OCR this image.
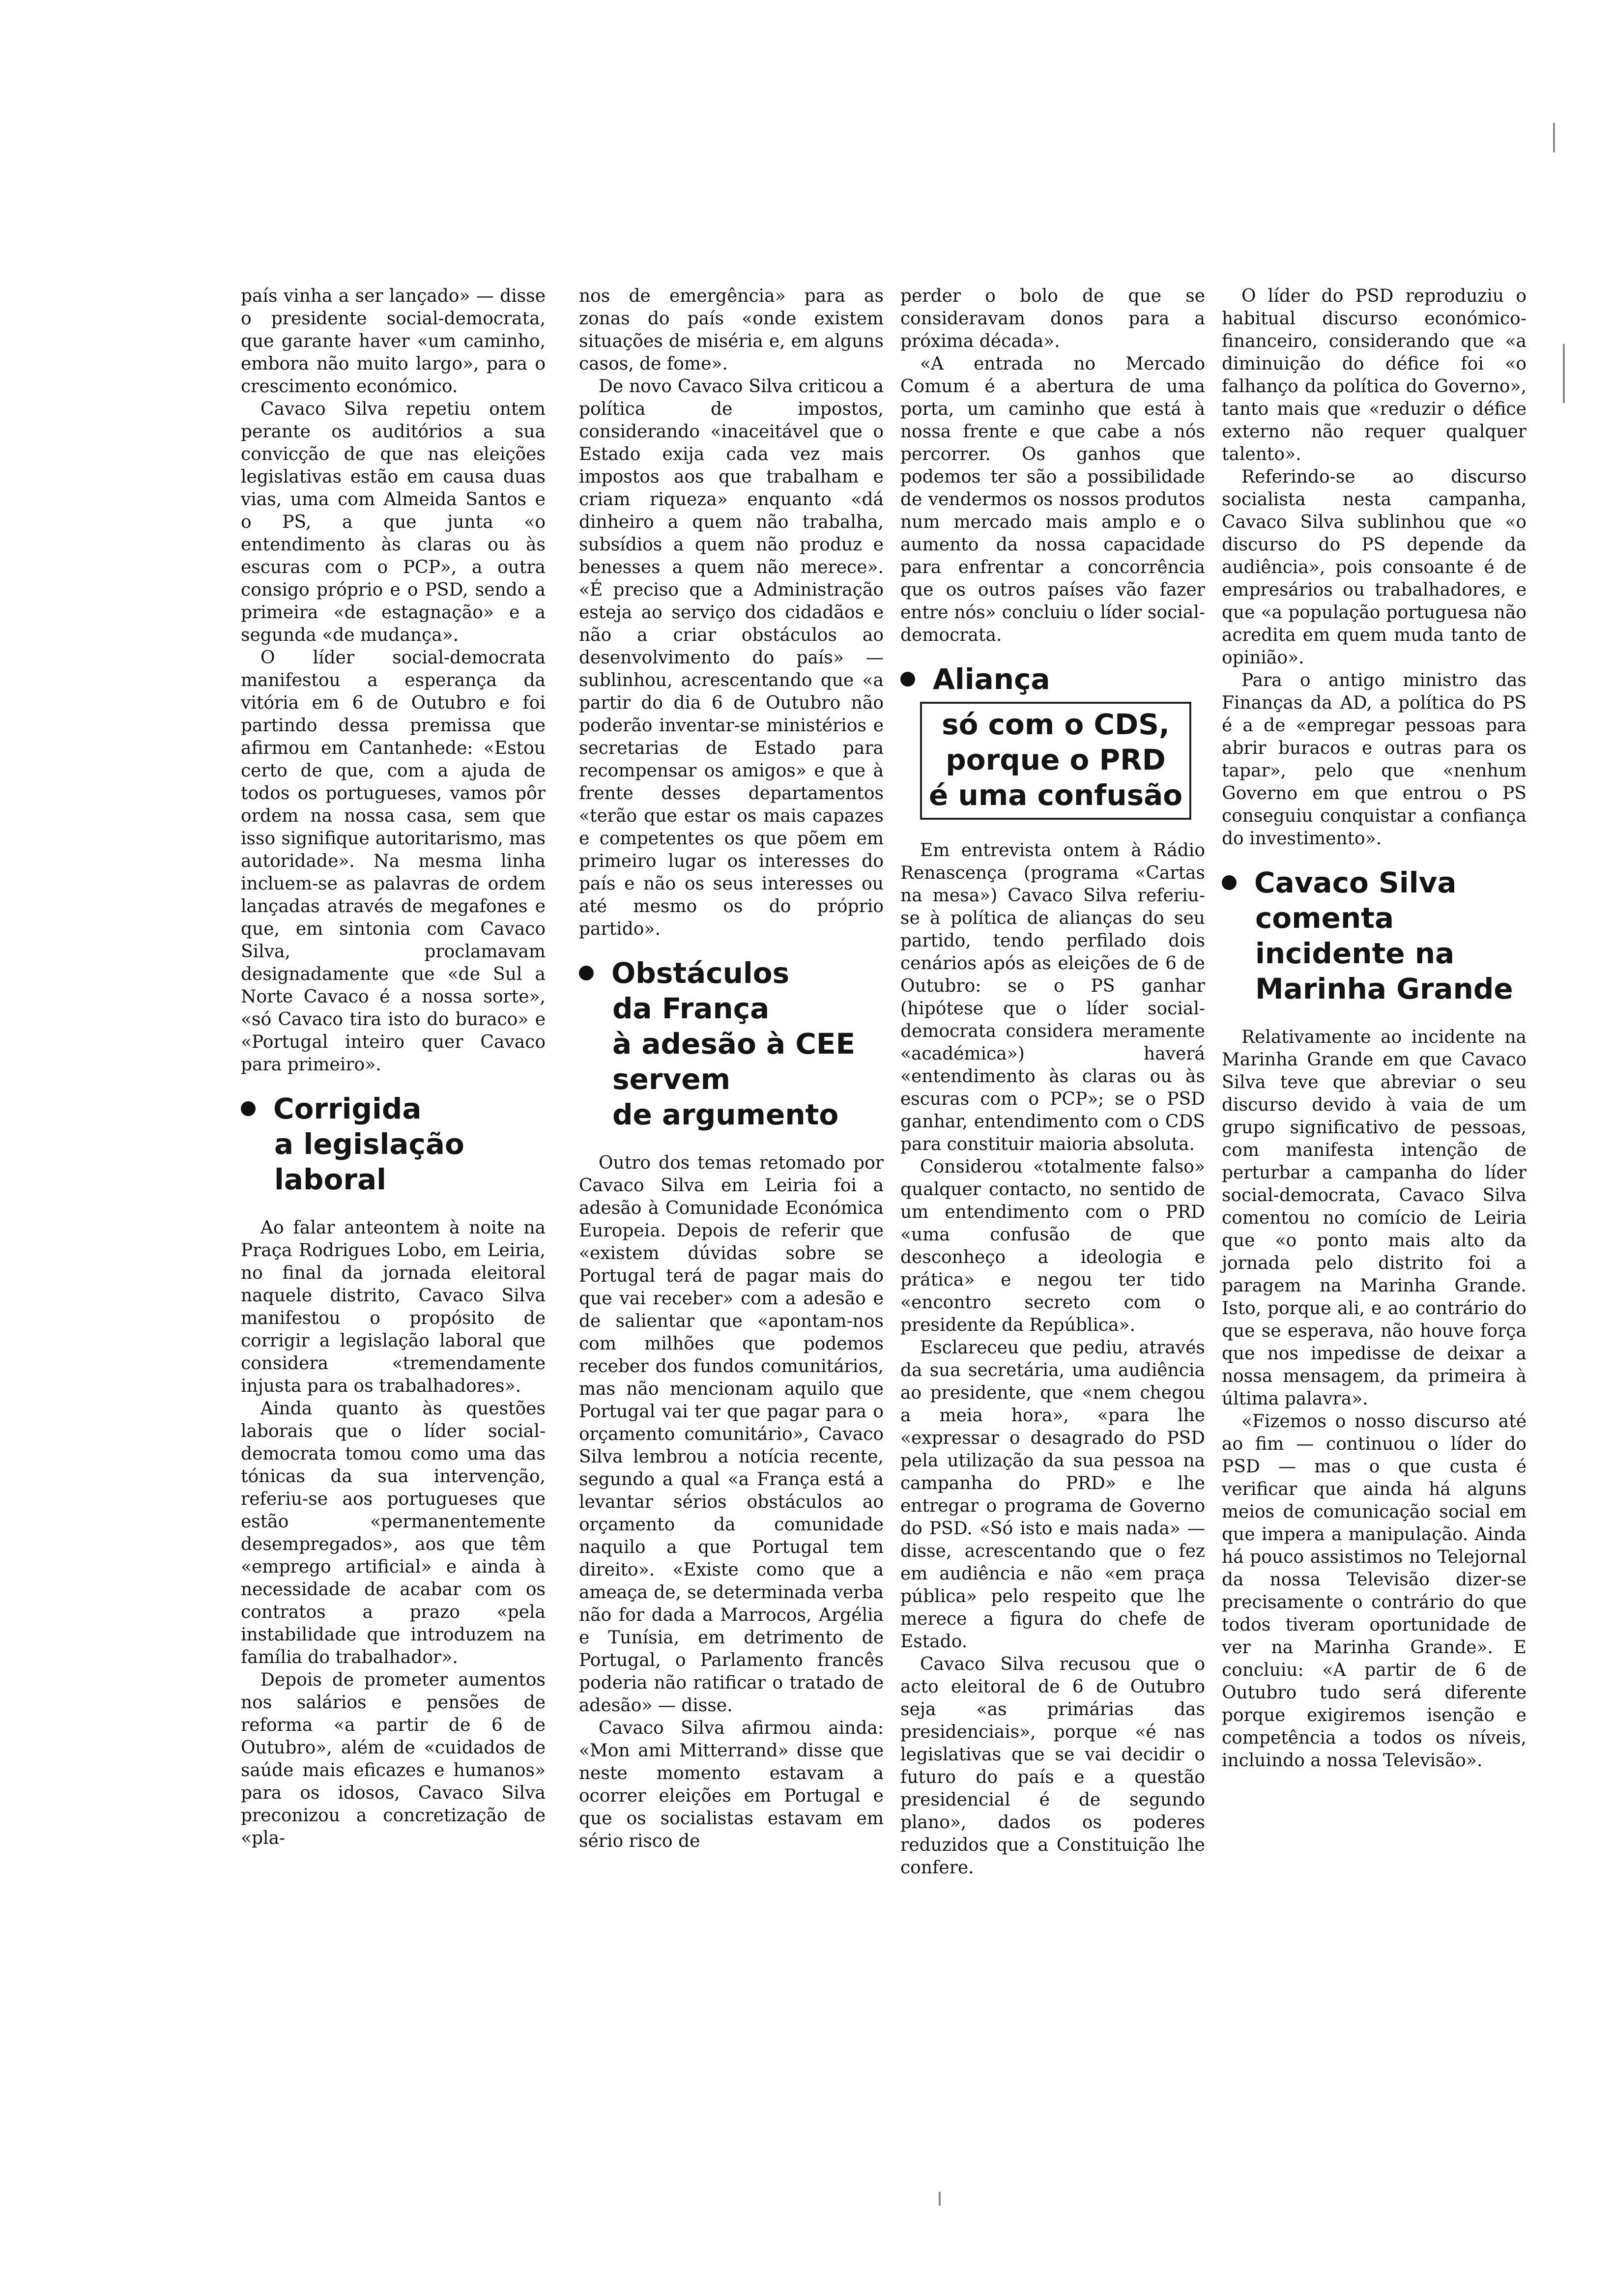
país vinha a ser lançado» — disse o presidente social-democrata, que garante haver «um caminho, embora não muito largo», para o crescimento económico.

Cavaco Silva repetiu ontem perante os auditórios a sua convicção de que nas eleições legislativas estão em causa duas vias, uma com Almeida Santos e o PS, a que junta «o entendimento às claras ou às escuras com o PCP», a outra consigo próprio e o PSD, sendo a primeira «de estagnação» e a segunda «de mudança».

O líder social-democrata manifestou a esperança da vitória em 6 de Outubro e foi partindo dessa premissa que afirmou em Cantanhede: «Estou certo de que, com a ajuda de todos os portugueses, vamos pôr ordem na nossa casa, sem que isso signifique autoritarismo, mas autoridade». Na mesma linha incluem-se as palavras de ordem lançadas através de megafones e que, em sintonia com Cavaco Silva, proclamavam designadamente que «de Sul a Norte Cavaco é a nossa sorte», «só Cavaco tira isto do buraco» e «Portugal inteiro quer Cavaco para primeiro».

Corrigida
a legislação
laboral

Ao falar anteontem à noite na Praça Rodrigues Lobo, em Leiria, no final da jornada eleitoral naquele distrito, Cavaco Silva manifestou o propósito de corrigir a legislação laboral que considera «tremendamente injusta para os trabalhadores».

Ainda quanto às questões laborais que o líder social-democrata tomou como uma das tónicas da sua intervenção, referiu-se aos portugueses que estão «permanentemente desempregados», aos que têm «emprego artificial» e ainda à necessidade de acabar com os contratos a prazo «pela instabilidade que introduzem na família do trabalhador».

Depois de prometer aumentos nos salários e pensões de reforma «a partir de 6 de Outubro», além de «cuidados de saúde mais eficazes e humanos» para os idosos, Cavaco Silva preconizou a concretização de «pla-

nos de emergência» para as zonas do país «onde existem situações de miséria e, em alguns casos, de fome».

De novo Cavaco Silva criticou a política de impostos, considerando «inaceitável que o Estado exija cada vez mais impostos aos que trabalham e criam riqueza» enquanto «dá dinheiro a quem não trabalha, subsídios a quem não produz e benesses a quem não merece». «É preciso que a Administração esteja ao serviço dos cidadãos e não a criar obstáculos ao desenvolvimento do país» — sublinhou, acrescentando que «a partir do dia 6 de Outubro não poderão inventar-se ministérios e secretarias de Estado para recompensar os amigos» e que à frente desses departamentos «terão que estar os mais capazes e competentes os que põem em primeiro lugar os interesses do país e não os seus interesses ou até mesmo os do próprio partido».

Obstáculos
da França
à adesão à CEE
servem
de argumento

Outro dos temas retomado por Cavaco Silva em Leiria foi a adesão à Comunidade Económica Europeia. Depois de referir que «existem dúvidas sobre se Portugal terá de pagar mais do que vai receber» com a adesão e de salientar que «apontam-nos com milhões que podemos receber dos fundos comunitários, mas não mencionam aquilo que Portugal vai ter que pagar para o orçamento comunitário», Cavaco Silva lembrou a notícia recente, segundo a qual «a França está a levantar sérios obstáculos ao orçamento da comunidade naquilo a que Portugal tem direito». «Existe como que a ameaça de, se determinada verba não for dada a Marrocos, Argélia e Tunísia, em detrimento de Portugal, o Parlamento francês poderia não ratificar o tratado de adesão» — disse.

Cavaco Silva afirmou ainda: «Mon ami Mitterrand» disse que neste momento estavam a ocorrer eleições em Portugal e que os socialistas estavam em sério risco de

perder o bolo de que se consideravam donos para a próxima década».

«A entrada no Mercado Comum é a abertura de uma porta, um caminho que está à nossa frente e que cabe a nós percorrer. Os ganhos que podemos ter são a possibilidade de vendermos os nossos produtos num mercado mais amplo e o aumento da nossa capacidade para enfrentar a concorrência que os outros países vão fazer entre nós» concluiu o líder social-democrata.

Aliança
só com o CDS,
porque o PRD
é uma confusão

Em entrevista ontem à Rádio Renascença (programa «Cartas na mesa») Cavaco Silva referiu-se à política de alianças do seu partido, tendo perfilado dois cenários após as eleições de 6 de Outubro: se o PS ganhar (hipótese que o líder social-democrata considera meramente «académica») haverá «entendimento às claras ou às escuras com o PCP»; se o PSD ganhar, entendimento com o CDS para constituir maioria absoluta.

Considerou «totalmente falso» qualquer contacto, no sentido de um entendimento com o PRD «uma confusão de que desconheço a ideologia e prática» e negou ter tido «encontro secreto com o presidente da República».

Esclareceu que pediu, através da sua secretária, uma audiência ao presidente, que «nem chegou a meia hora», «para lhe «expressar o desagrado do PSD pela utilização da sua pessoa na campanha do PRD» e lhe entregar o programa de Governo do PSD. «Só isto e mais nada» — disse, acrescentando que o fez em audiência e não «em praça pública» pelo respeito que lhe merece a figura do chefe de Estado.

Cavaco Silva recusou que o acto eleitoral de 6 de Outubro seja «as primárias das presidenciais», porque «é nas legislativas que se vai decidir o futuro do país e a questão presidencial é de segundo plano», dados os poderes reduzidos que a Constituição lhe confere.

O líder do PSD reproduziu o habitual discurso económico-financeiro, considerando que «a diminuição do défice foi «o falhanço da política do Governo», tanto mais que «reduzir o défice externo não requer qualquer talento».

Referindo-se ao discurso socialista nesta campanha, Cavaco Silva sublinhou que «o discurso do PS depende da audiência», pois consoante é de empresários ou trabalhadores, e que «a população portuguesa não acredita em quem muda tanto de opinião».

Para o antigo ministro das Finanças da AD, a política do PS é a de «empregar pessoas para abrir buracos e outras para os tapar», pelo que «nenhum Governo em que entrou o PS conseguiu conquistar a confiança do investimento».

Cavaco Silva
comenta
incidente na
Marinha Grande

Relativamente ao incidente na Marinha Grande em que Cavaco Silva teve que abreviar o seu discurso devido à vaia de um grupo significativo de pessoas, com manifesta intenção de perturbar a campanha do líder social-democrata, Cavaco Silva comentou no comício de Leiria que «o ponto mais alto da jornada pelo distrito foi a paragem na Marinha Grande. Isto, porque ali, e ao contrário do que se esperava, não houve força que nos impedisse de deixar a nossa mensagem, da primeira à última palavra».

«Fizemos o nosso discurso até ao fim — continuou o líder do PSD — mas o que custa é verificar que ainda há alguns meios de comunicação social em que impera a manipulação. Ainda há pouco assistimos no Telejornal da nossa Televisão dizer-se precisamente o contrário do que todos tiveram oportunidade de ver na Marinha Grande». E concluiu: «A partir de 6 de Outubro tudo será diferente porque exigiremos isenção e competência a todos os níveis, incluindo a nossa Televisão».
